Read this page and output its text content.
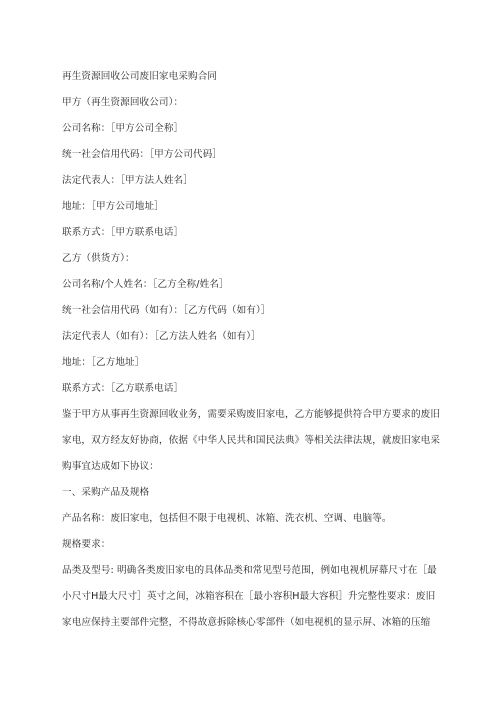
再生资源回收公司废旧家电采购合同
甲方（再生资源回收公司）：
公司名称：［甲方公司全称］
统一社会信用代码：［甲方公司代码］
法定代表人：［甲方法人姓名］
地址：［甲方公司地址］
联系方式：［甲方联系电话］
乙方（供货方）：
公司名称/个人姓名：［乙方全称/姓名］
统一社会信用代码（如有）：［乙方代码（如有）］
法定代表人（如有）：［乙方法人姓名（如有）］
地址：［乙方地址］
联系方式：［乙方联系电话］
鉴于甲方从事再生资源回收业务，需要采购废旧家电，乙方能够提供符合甲方要求的废旧家电，双方经友好协商，依据《中华人民共和国民法典》等相关法律法规，就废旧家电采购事宜达成如下协议：
一、采购产品及规格
产品名称：废旧家电，包括但不限于电视机、冰箱、洗衣机、空调、电脑等。
规格要求：
品类及型号: 明确各类废旧家电的具体品类和常见型号范围，例如电视机屏幕尺寸在［最小尺寸H最大尺寸］英寸之间，冰箱容积在［最小容积H最大容积］升完整性要求：废旧家电应保持主要部件完整，不得故意拆除核心零部件（如电视机的显示屏、冰箱的压缩
